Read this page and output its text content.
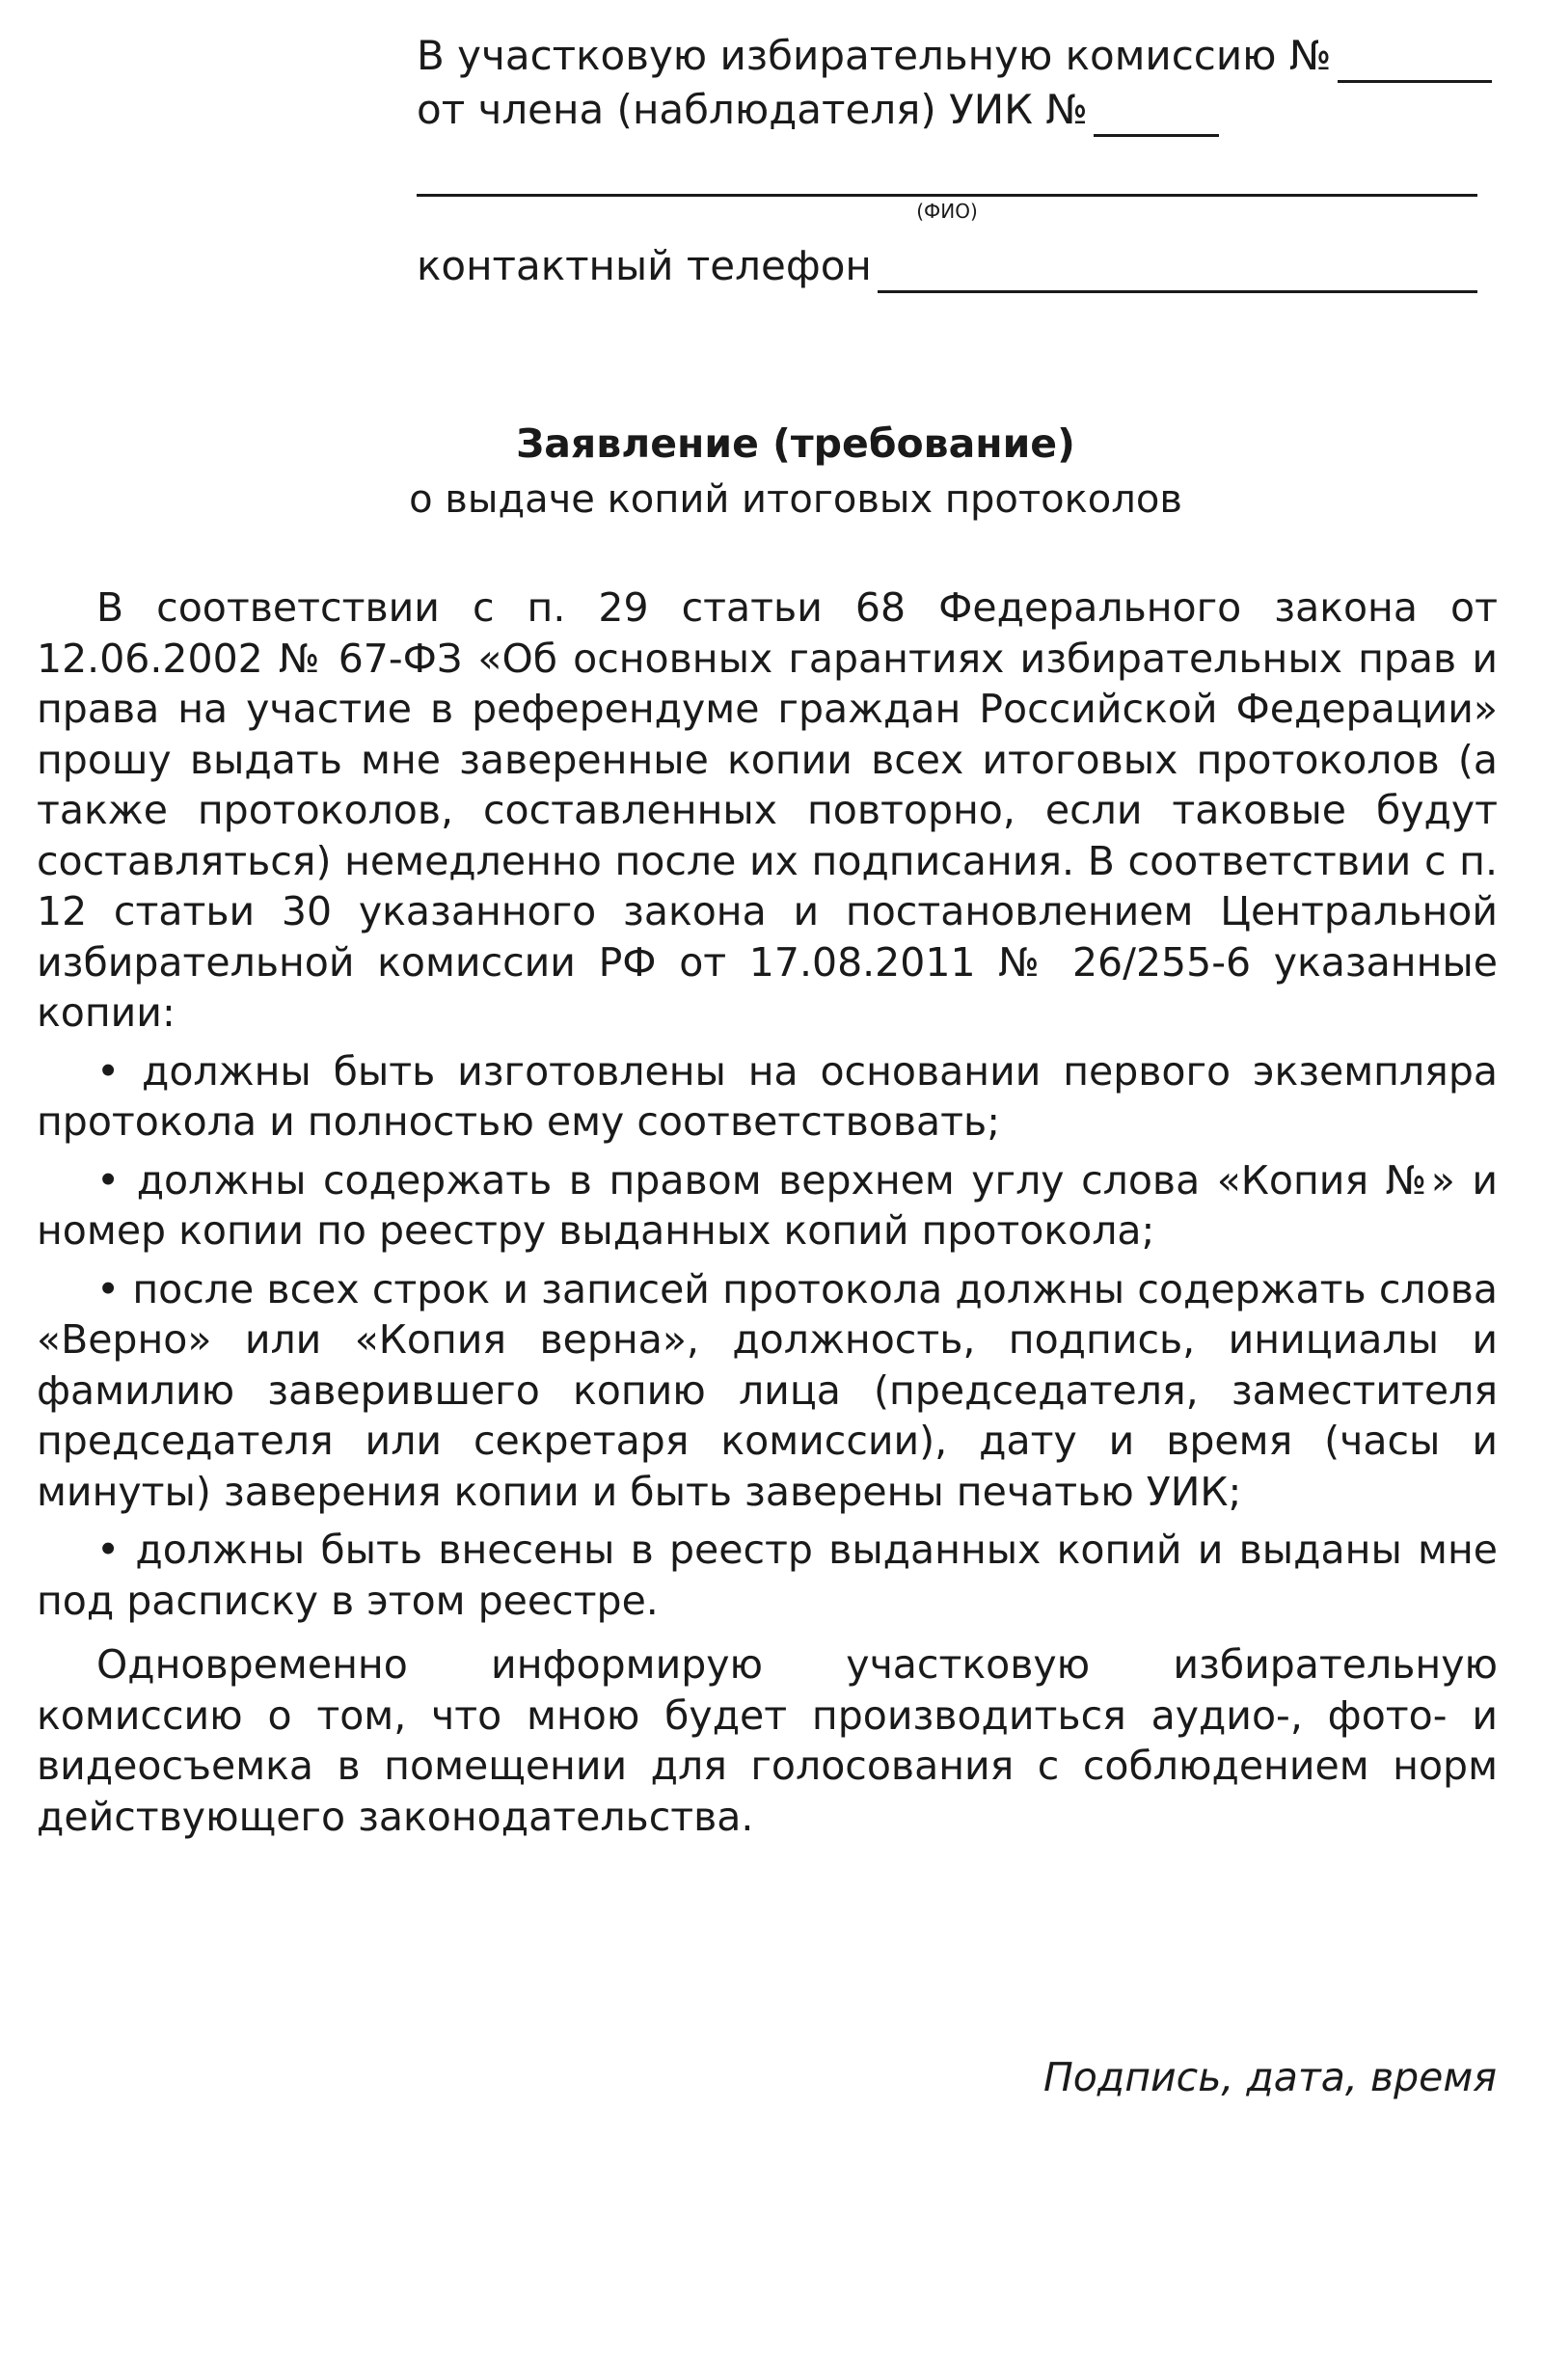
В участковую избирательную комиссию №
от члена (наблюдателя) УИК №
(ФИО)
контактный телефон
Заявление (требование)
о выдаче копий итоговых протоколов

В соответствии с п. 29 статьи 68 Федерального закона от 12.06.2002 № 67-ФЗ «Об основных гарантиях избирательных прав и права на участие в референдуме граждан Российской Федерации» прошу выдать мне заверенные копии всех итоговых протоколов (а также протоколов, составленных повторно, если таковые будут составляться) немедленно после их подписания. В соответствии с п. 12 статьи 30 указанного закона и постановлением Центральной избирательной комиссии РФ от 17.08.2011 № 26/255-6 указанные копии:

• должны быть изготовлены на основании первого экземпляра протокола и полностью ему соответствовать;

• должны содержать в правом верхнем углу слова «Копия №» и номер копии по реестру выданных копий протокола;

• после всех строк и записей протокола должны содержать слова «Верно» или «Копия верна», должность, подпись, инициалы и фамилию заверившего копию лица (председателя, заместителя председателя или секретаря комиссии), дату и время (часы и минуты) заверения копии и быть заверены печатью УИК;

• должны быть внесены в реестр выданных копий и выданы мне под расписку в этом реестре.

Одновременно информирую участковую избирательную комиссию о том, что мною будет производиться аудио-, фото- и видеосъемка в помещении для голосования с соблюдением норм действующего законодательства.

Подпись, дата, время
